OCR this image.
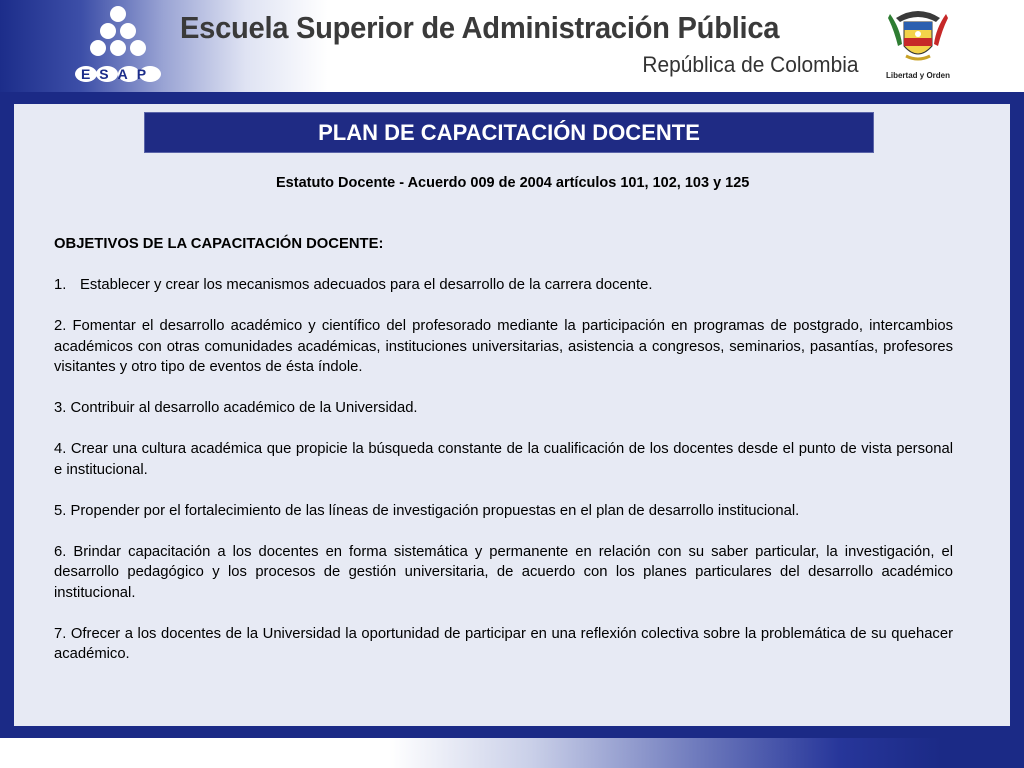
ESAP
Escuela Superior de Administración Pública

República de Colombia	Libertad y Orden
PLAN DE CAPACITACIÓN DOCENTE

Estatuto Docente - Acuerdo 009 de 2004 artículos 101, 102, 103 y 125

OBJETIVOS DE LA CAPACITACIÓN DOCENTE:

1. Establecer y crear los mecanismos adecuados para el desarrollo de la carrera docente.

2. Fomentar el desarrollo académico y científico del profesorado mediante la participación en programas de postgrado, intercambios académicos con otras comunidades académicas, instituciones universitarias, asistencia a congresos, seminarios, pasantías, profesores visitantes y otro tipo de eventos de ésta índole.

3. Contribuir al desarrollo académico de la Universidad.

4. Crear una cultura académica que propicie la búsqueda constante de la cualificación de los docentes desde el punto de vista personal e institucional.

5. Propender por el fortalecimiento de las líneas de investigación propuestas en el plan de desarrollo institucional.

6. Brindar capacitación a los docentes en forma sistemática y permanente en relación con su saber particular, la investigación, el desarrollo pedagógico y los procesos de gestión universitaria, de acuerdo con los planes particulares del desarrollo académico institucional.

7. Ofrecer a los docentes de la Universidad la oportunidad de participar en una reflexión colectiva sobre la problemática de su quehacer académico.
